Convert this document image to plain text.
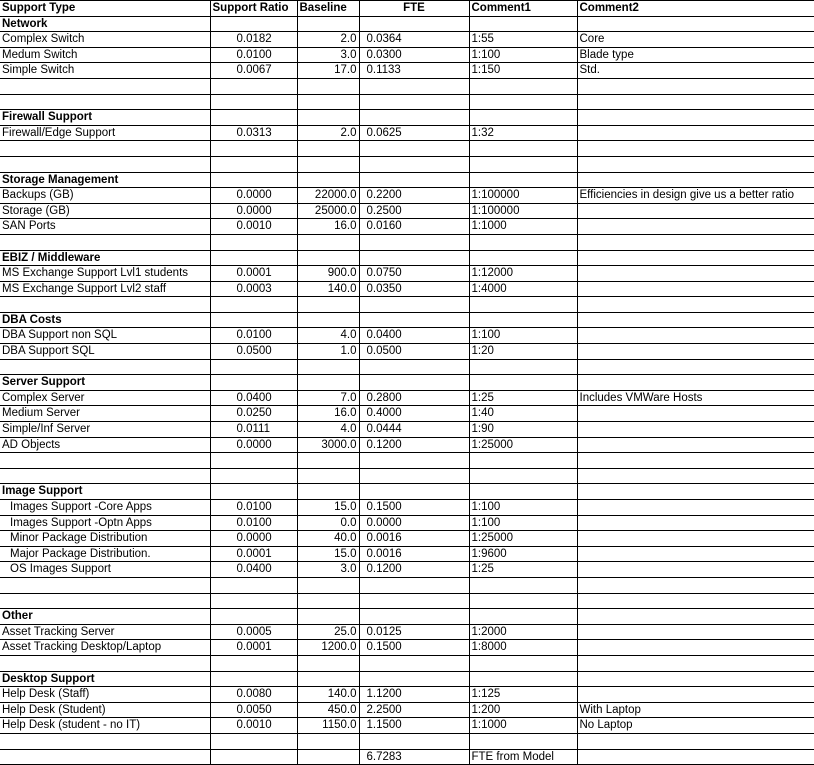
Support Type	Support Ratio	Baseline	FTE	Comment1	Comment2
Network					
Complex Switch	0.0182	2.0	0.0364	1:55	Core
Medum Switch	0.0100	3.0	0.0300	1:100	Blade type
Simple Switch	0.0067	17.0	0.1133	1:150	Std.

Firewall Support					
Firewall/Edge Support	0.0313	2.0	0.0625	1:32	

Storage Management					
Backups (GB)	0.0000	22000.0	0.2200	1:100000	Efficiencies in design give us a better ratio
Storage (GB)	0.0000	25000.0	0.2500	1:100000	
SAN Ports	0.0010	16.0	0.0160	1:1000	

EBIZ / Middleware					
MS Exchange Support Lvl1 students	0.0001	900.0	0.0750	1:12000	
MS Exchange Support Lvl2 staff	0.0003	140.0	0.0350	1:4000	

DBA Costs					
DBA Support non SQL	0.0100	4.0	0.0400	1:100	
DBA Support SQL	0.0500	1.0	0.0500	1:20	

Server Support					
Complex Server	0.0400	7.0	0.2800	1:25	Includes VMWare Hosts
Medium Server	0.0250	16.0	0.4000	1:40	
Simple/Inf Server	0.0111	4.0	0.0444	1:90	
AD Objects	0.0000	3000.0	0.1200	1:25000	

Image Support					
Images Support -Core Apps	0.0100	15.0	0.1500	1:100	
Images Support -Optn Apps	0.0100	0.0	0.0000	1:100	
Minor Package Distribution	0.0000	40.0	0.0016	1:25000	
Major Package Distribution.	0.0001	15.0	0.0016	1:9600	
OS Images Support	0.0400	3.0	0.1200	1:25	

Other					
Asset Tracking Server	0.0005	25.0	0.0125	1:2000	
Asset Tracking Desktop/Laptop	0.0001	1200.0	0.1500	1:8000	

Desktop Support					
Help Desk (Staff)	0.0080	140.0	1.1200	1:125	
Help Desk (Student)	0.0050	450.0	2.2500	1:200	With Laptop
Help Desk (student - no IT)	0.0010	1150.0	1.1500	1:1000	No Laptop

			6.7283	FTE from Model	
